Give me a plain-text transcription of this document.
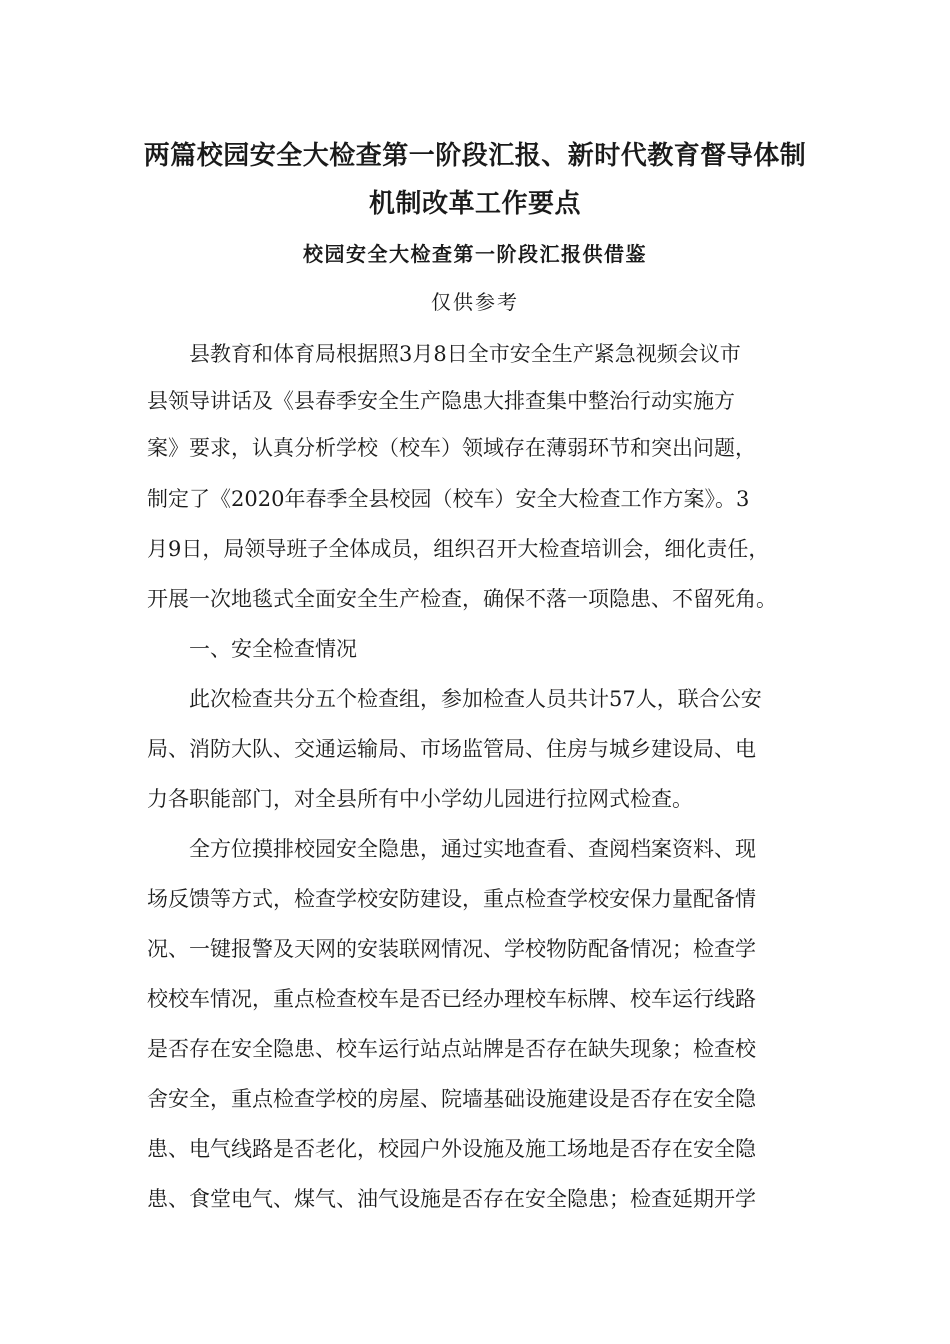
两篇校园安全大检查第一阶段汇报、新时代教育督导体制
机制改革工作要点
校园安全大检查第一阶段汇报供借鉴
仅供参考
县教育和体育局根据照3月8日全市安全生产紧急视频会议市
县领导讲话及《县春季安全生产隐患大排查集中整治行动实施方
案》要求，认真分析学校（校车）领域存在薄弱环节和突出问题，
制定了《2020年春季全县校园（校车）安全大检查工作方案》。3
月9日，局领导班子全体成员，组织召开大检查培训会，细化责任，
开展一次地毯式全面安全生产检查，确保不落一项隐患、不留死角。
一、安全检查情况
此次检查共分五个检查组，参加检查人员共计57人，联合公安
局、消防大队、交通运输局、市场监管局、住房与城乡建设局、电
力各职能部门，对全县所有中小学幼儿园进行拉网式检查。
全方位摸排校园安全隐患，通过实地查看、查阅档案资料、现
场反馈等方式，检查学校安防建设，重点检查学校安保力量配备情
况、一键报警及天网的安装联网情况、学校物防配备情况；检查学
校校车情况，重点检查校车是否已经办理校车标牌、校车运行线路
是否存在安全隐患、校车运行站点站牌是否存在缺失现象；检查校
舍安全，重点检查学校的房屋、院墙基础设施建设是否存在安全隐
患、电气线路是否老化，校园户外设施及施工场地是否存在安全隐
患、食堂电气、煤气、油气设施是否存在安全隐患；检查延期开学
